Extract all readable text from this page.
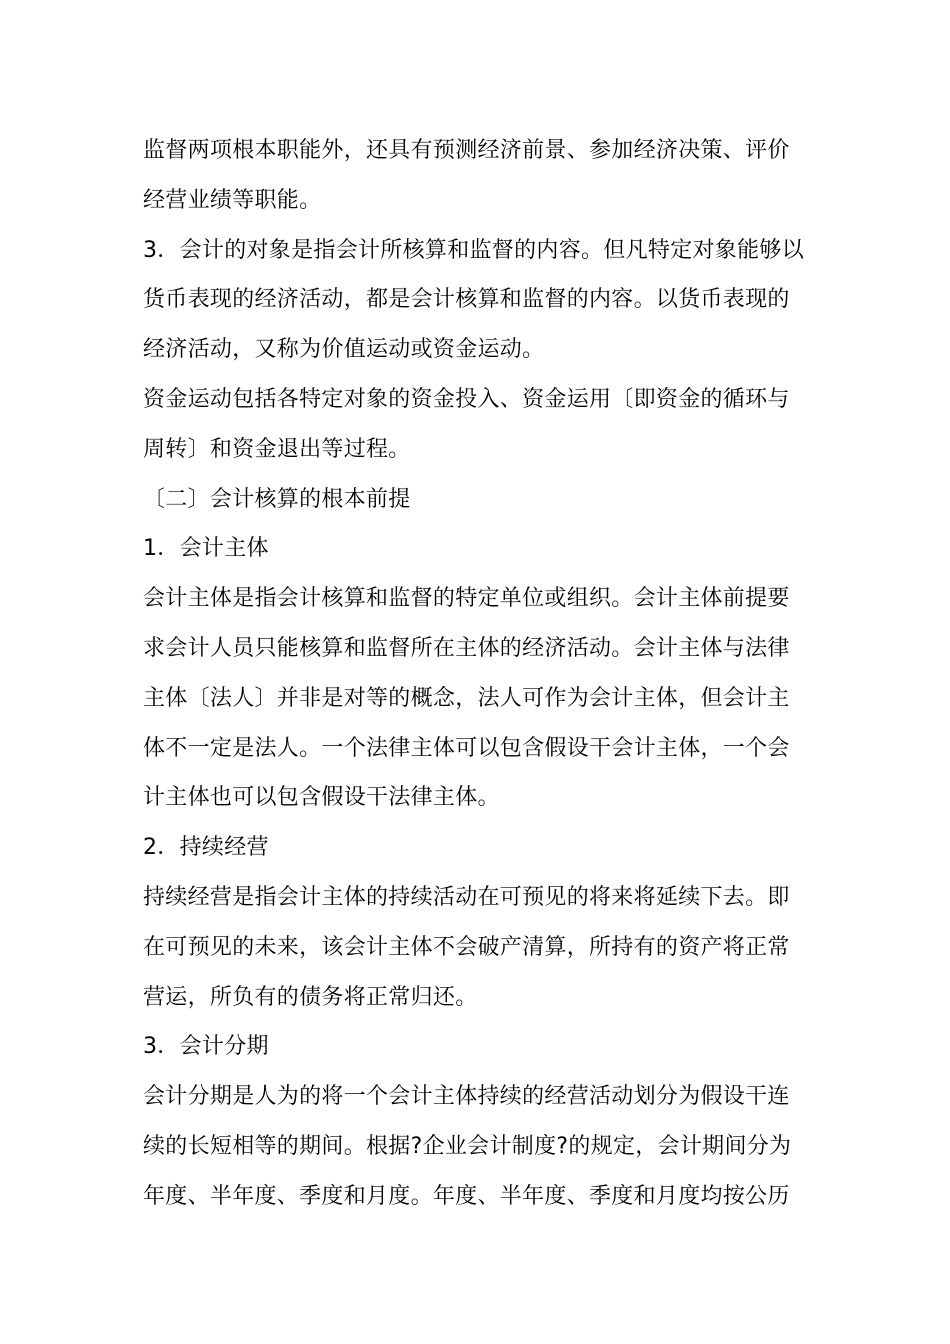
监督两项根本职能外，还具有预测经济前景、参加经济决策、评价经营业绩等职能。

3．会计的对象是指会计所核算和监督的内容。但凡特定对象能够以货币表现的经济活动，都是会计核算和监督的内容。以货币表现的经济活动，又称为价值运动或资金运动。

资金运动包括各特定对象的资金投入、资金运用〔即资金的循环与周转〕和资金退出等过程。

〔二〕会计核算的根本前提

1．会计主体

会计主体是指会计核算和监督的特定单位或组织。会计主体前提要求会计人员只能核算和监督所在主体的经济活动。会计主体与法律主体〔法人〕并非是对等的概念，法人可作为会计主体，但会计主体不一定是法人。一个法律主体可以包含假设干会计主体，一个会计主体也可以包含假设干法律主体。

2．持续经营

持续经营是指会计主体的持续活动在可预见的将来将延续下去。即在可预见的未来，该会计主体不会破产清算，所持有的资产将正常营运，所负有的债务将正常归还。

3．会计分期

会计分期是人为的将一个会计主体持续的经营活动划分为假设干连续的长短相等的期间。根据?企业会计制度?的规定，会计期间分为年度、半年度、季度和月度。年度、半年度、季度和月度均按公历
